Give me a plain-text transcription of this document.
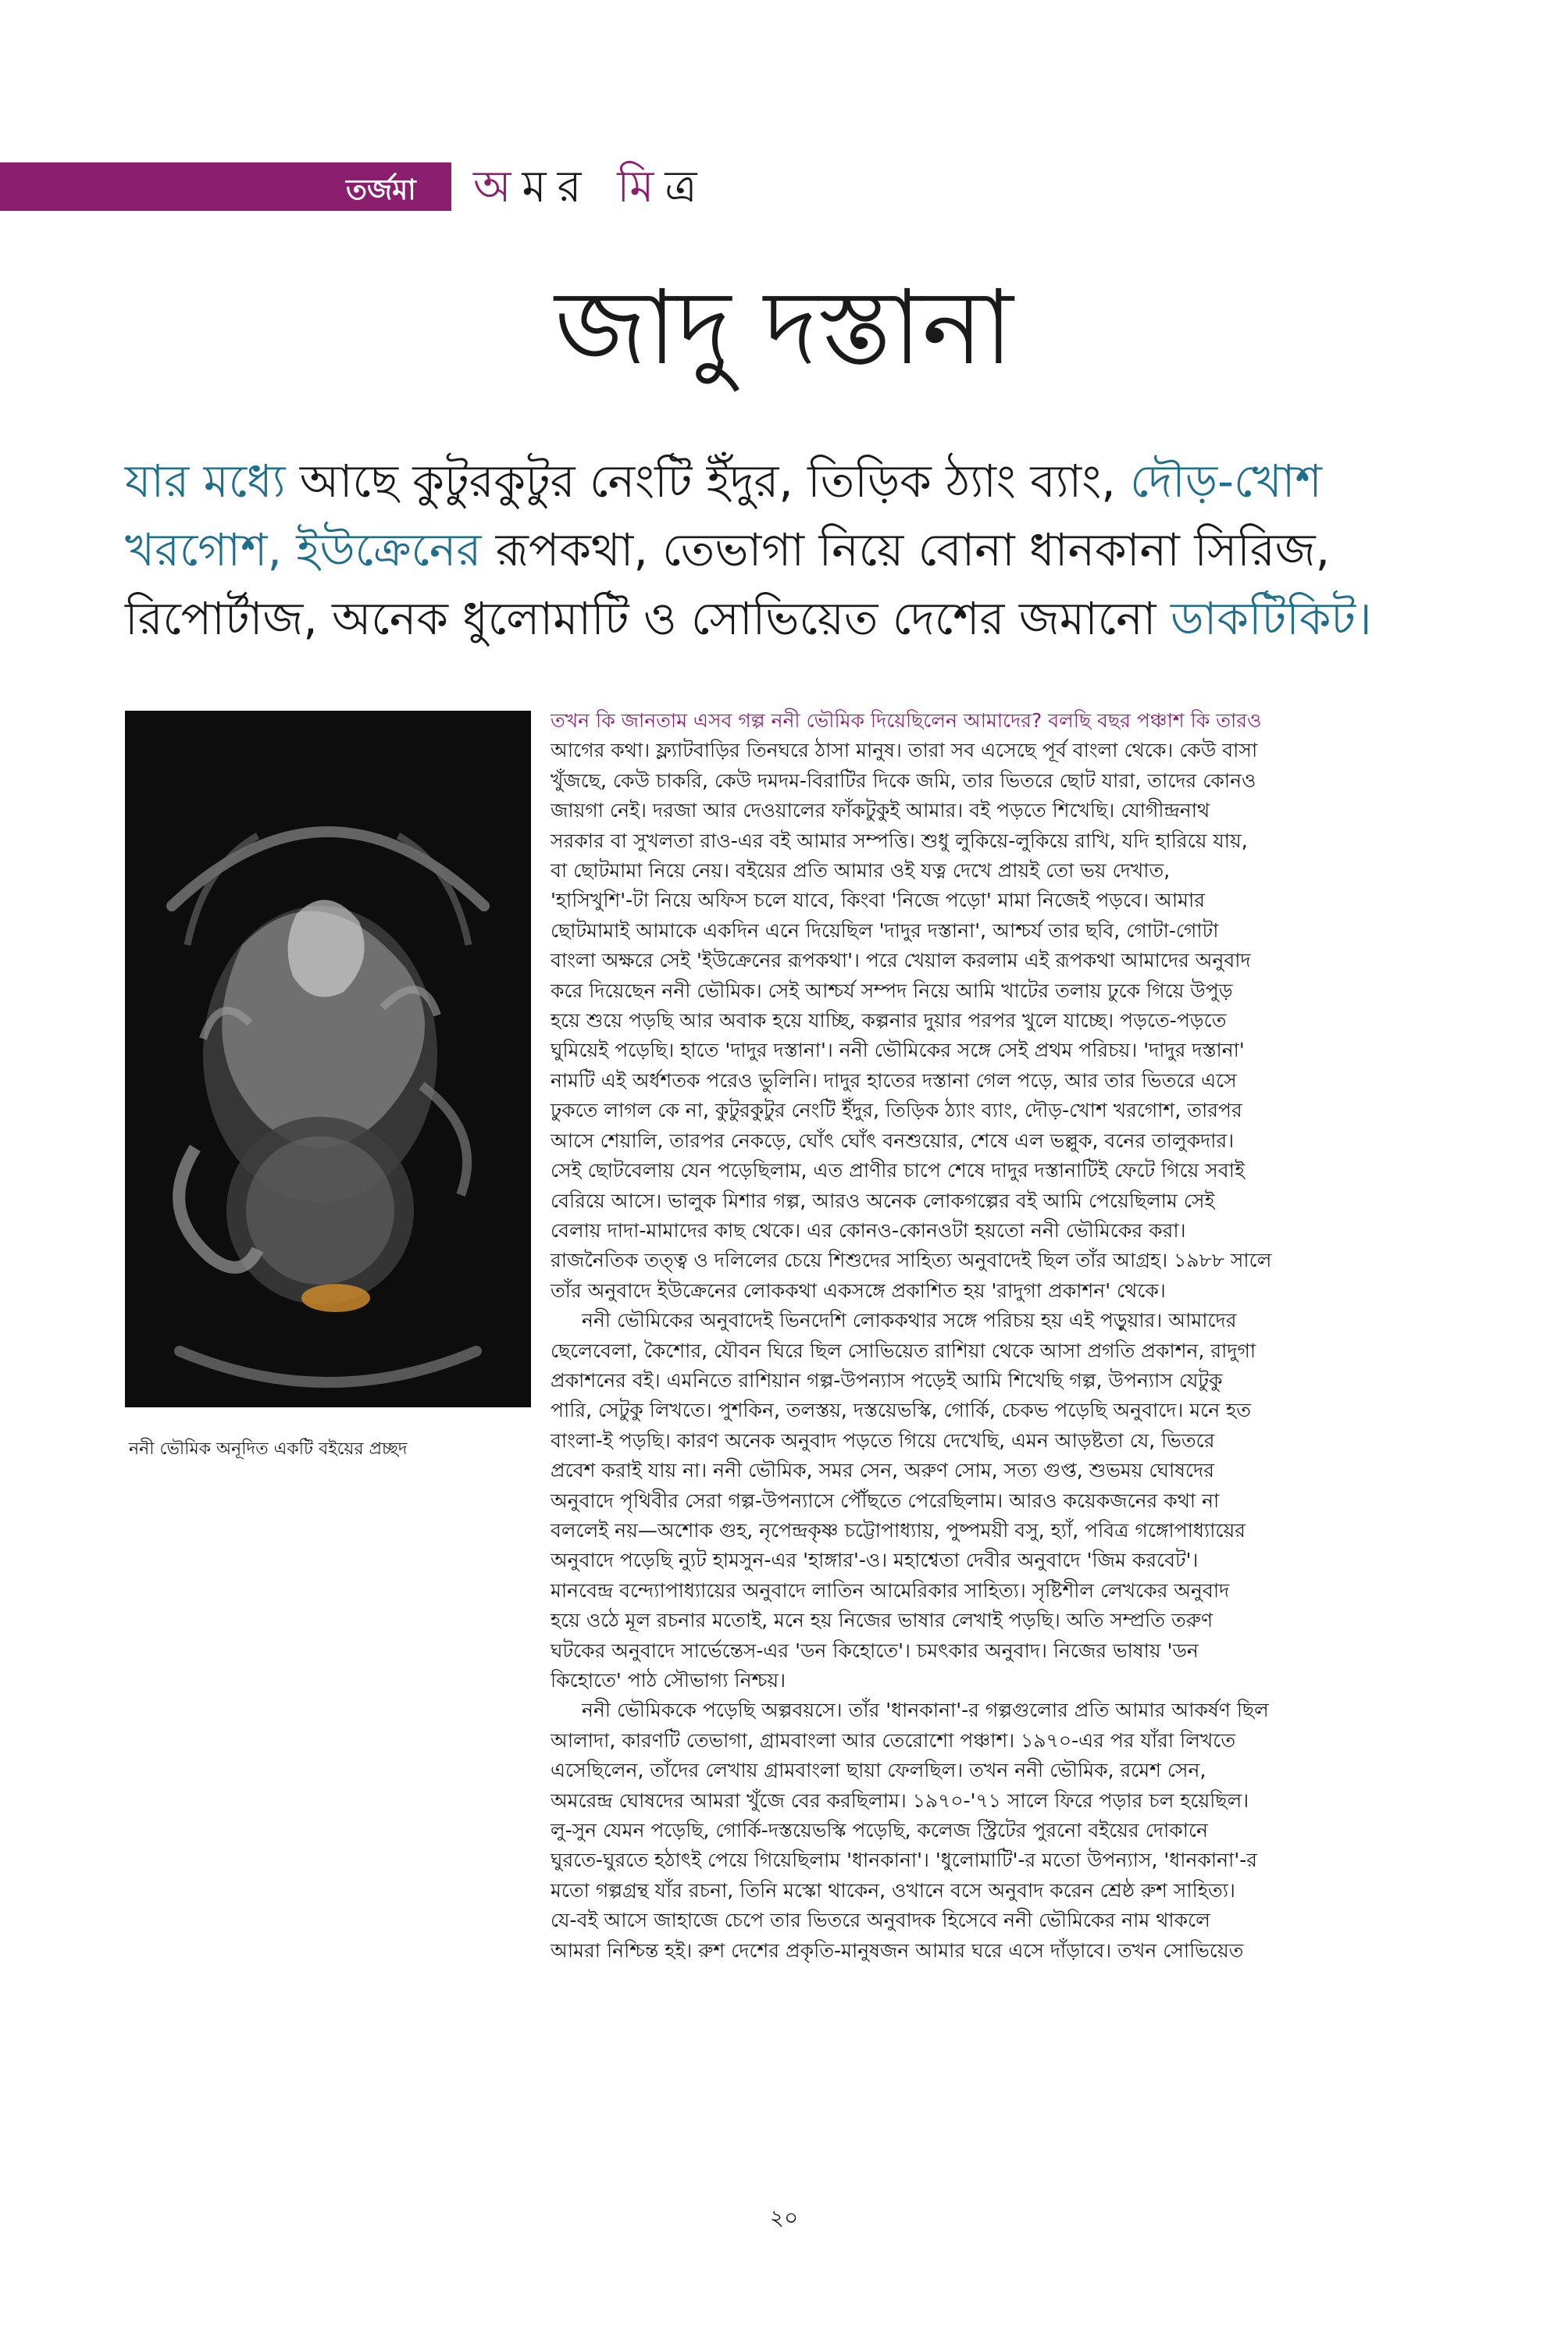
তর্জমা অমর মিত্র
জাদু দস্তানা
যার মধ্যে আছে কুটুরকুটুর নেংটি ইঁদুর, তিড়িক ঠ্যাং ব্যাং, দৌড়-খোশ
খরগোশ, ইউক্রেনের রূপকথা, তেভাগা নিয়ে বোনা ধানকানা সিরিজ,
রিপোর্টাজ, অনেক ধুলোমাটি ও সোভিয়েত দেশের জমানো ডাকটিকিট।
ননী ভৌমিক অনূদিত একটি বইয়ের প্রচ্ছদ
তখন কি জানতাম এসব গল্প ননী ভৌমিক দিয়েছিলেন আমাদের? বলছি বছর পঞ্চাশ কি তারও
আগের কথা। ফ্ল্যাটবাড়ির তিনঘরে ঠাসা মানুষ। তারা সব এসেছে পূর্ব বাংলা থেকে। কেউ বাসা
খুঁজছে, কেউ চাকরি, কেউ দমদম-বিরাটির দিকে জমি, তার ভিতরে ছোট যারা, তাদের কোনও
জায়গা নেই। দরজা আর দেওয়ালের ফাঁকটুকুই আমার। বই পড়তে শিখেছি। যোগীন্দ্রনাথ
সরকার বা সুখলতা রাও-এর বই আমার সম্পত্তি। শুধু লুকিয়ে-লুকিয়ে রাখি, যদি হারিয়ে যায়,
বা ছোটমামা নিয়ে নেয়। বইয়ের প্রতি আমার ওই যত্ন দেখে প্রায়ই তো ভয় দেখাত,
'হাসিখুশি'-টা নিয়ে অফিস চলে যাবে, কিংবা 'নিজে পড়ো' মামা নিজেই পড়বে। আমার
ছোটমামাই আমাকে একদিন এনে দিয়েছিল 'দাদুর দস্তানা', আশ্চর্য তার ছবি, গোটা-গোটা
বাংলা অক্ষরে সেই 'ইউক্রেনের রূপকথা'। পরে খেয়াল করলাম এই রূপকথা আমাদের অনুবাদ
করে দিয়েছেন ননী ভৌমিক। সেই আশ্চর্য সম্পদ নিয়ে আমি খাটের তলায় ঢুকে গিয়ে উপুড়
হয়ে শুয়ে পড়ছি আর অবাক হয়ে যাচ্ছি, কল্পনার দুয়ার পরপর খুলে যাচ্ছে। পড়তে-পড়তে
ঘুমিয়েই পড়েছি। হাতে 'দাদুর দস্তানা'। ননী ভৌমিকের সঙ্গে সেই প্রথম পরিচয়। 'দাদুর দস্তানা'
নামটি এই অর্ধশতক পরেও ভুলিনি। দাদুর হাতের দস্তানা গেল পড়ে, আর তার ভিতরে এসে
ঢুকতে লাগল কে না, কুটুরকুটুর নেংটি ইঁদুর, তিড়িক ঠ্যাং ব্যাং, দৌড়-খোশ খরগোশ, তারপর
আসে শেয়ালি, তারপর নেকড়ে, ঘোঁৎ ঘোঁৎ বনশুয়োর, শেষে এল ভল্লুক, বনের তালুকদার।
সেই ছোটবেলায় যেন পড়েছিলাম, এত প্রাণীর চাপে শেষে দাদুর দস্তানাটিই ফেটে গিয়ে সবাই
বেরিয়ে আসে। ভালুক মিশার গল্প, আরও অনেক লোকগল্পের বই আমি পেয়েছিলাম সেই
বেলায় দাদা-মামাদের কাছ থেকে। এর কোনও-কোনওটা হয়তো ননী ভৌমিকের করা।
রাজনৈতিক তত্ত্ব ও দলিলের চেয়ে শিশুদের সাহিত্য অনুবাদেই ছিল তাঁর আগ্রহ। ১৯৮৮ সালে
তাঁর অনুবাদে ইউক্রেনের লোককথা একসঙ্গে প্রকাশিত হয় 'রাদুগা প্রকাশন' থেকে।
ননী ভৌমিকের অনুবাদেই ভিনদেশি লোককথার সঙ্গে পরিচয় হয় এই পড়ুয়ার। আমাদের
ছেলেবেলা, কৈশোর, যৌবন ঘিরে ছিল সোভিয়েত রাশিয়া থেকে আসা প্রগতি প্রকাশন, রাদুগা
প্রকাশনের বই। এমনিতে রাশিয়ান গল্প-উপন্যাস পড়েই আমি শিখেছি গল্প, উপন্যাস যেটুকু
পারি, সেটুকু লিখতে। পুশকিন, তলস্তয়, দস্তয়েভস্কি, গোর্কি, চেকভ পড়েছি অনুবাদে। মনে হত
বাংলা-ই পড়ছি। কারণ অনেক অনুবাদ পড়তে গিয়ে দেখেছি, এমন আড়ষ্টতা যে, ভিতরে
প্রবেশ করাই যায় না। ননী ভৌমিক, সমর সেন, অরুণ সোম, সত্য গুপ্ত, শুভময় ঘোষদের
অনুবাদে পৃথিবীর সেরা গল্প-উপন্যাসে পৌঁছতে পেরেছিলাম। আরও কয়েকজনের কথা না
বললেই নয়—অশোক গুহ, নৃপেন্দ্রকৃষ্ণ চট্টোপাধ্যায়, পুষ্পময়ী বসু, হ্যাঁ, পবিত্র গঙ্গোপাধ্যায়ের
অনুবাদে পড়েছি ন্যুট হামসুন-এর 'হাঙ্গার'-ও। মহাশ্বেতা দেবীর অনুবাদে 'জিম করবেট'।
মানবেন্দ্র বন্দ্যোপাধ্যায়ের অনুবাদে লাতিন আমেরিকার সাহিত্য। সৃষ্টিশীল লেখকের অনুবাদ
হয়ে ওঠে মূল রচনার মতোই, মনে হয় নিজের ভাষার লেখাই পড়ছি। অতি সম্প্রতি তরুণ
ঘটকের অনুবাদে সার্ভেন্তেস-এর 'ডন কিহোতে'। চমৎকার অনুবাদ। নিজের ভাষায় 'ডন
কিহোতে' পাঠ সৌভাগ্য নিশ্চয়।
ননী ভৌমিককে পড়েছি অল্পবয়সে। তাঁর 'ধানকানা'-র গল্পগুলোর প্রতি আমার আকর্ষণ ছিল
আলাদা, কারণটি তেভাগা, গ্রামবাংলা আর তেরোশো পঞ্চাশ। ১৯৭০-এর পর যাঁরা লিখতে
এসেছিলেন, তাঁদের লেখায় গ্রামবাংলা ছায়া ফেলছিল। তখন ননী ভৌমিক, রমেশ সেন,
অমরেন্দ্র ঘোষদের আমরা খুঁজে বের করছিলাম। ১৯৭০-'৭১ সালে ফিরে পড়ার চল হয়েছিল।
লু-সুন যেমন পড়েছি, গোর্কি-দস্তয়েভস্কি পড়েছি, কলেজ স্ট্রিটের পুরনো বইয়ের দোকানে
ঘুরতে-ঘুরতে হঠাৎই পেয়ে গিয়েছিলাম 'ধানকানা'। 'ধুলোমাটি'-র মতো উপন্যাস, 'ধানকানা'-র
মতো গল্পগ্রন্থ যাঁর রচনা, তিনি মস্কো থাকেন, ওখানে বসে অনুবাদ করেন শ্রেষ্ঠ রুশ সাহিত্য।
যে-বই আসে জাহাজে চেপে তার ভিতরে অনুবাদক হিসেবে ননী ভৌমিকের নাম থাকলে
আমরা নিশ্চিন্ত হই। রুশ দেশের প্রকৃতি-মানুষজন আমার ঘরে এসে দাঁড়াবে। তখন সোভিয়েত
২০
